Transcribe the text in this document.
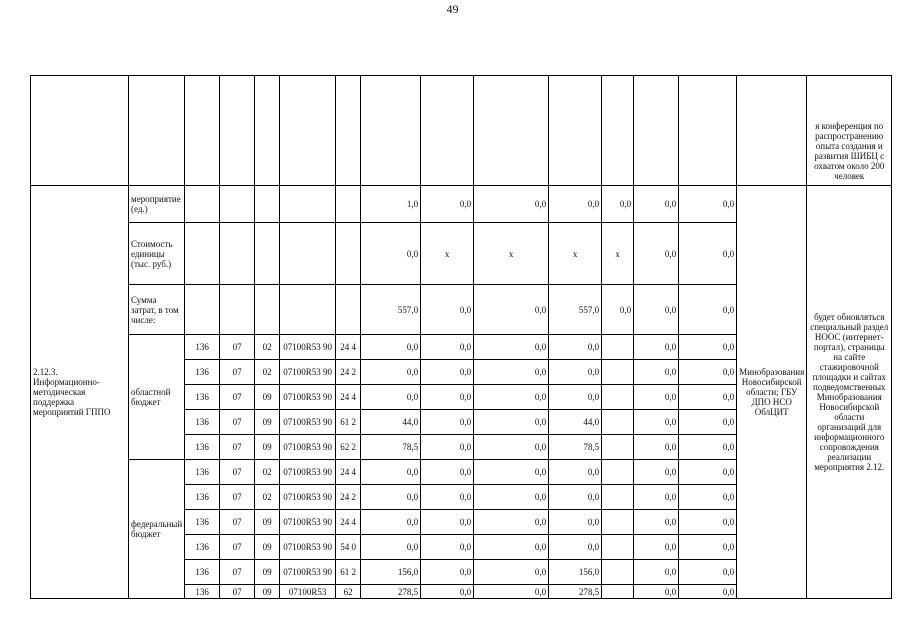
49
															я конференция по распространению опыта создания и развития ШИБЦ с охватом около 200 человек
2.12.3. Информационно-методическая поддержка мероприятий ГППО	мероприятие (ед.)						1,0	0,0	0,0	0,0	0,0	0,0	0,0	Минобразования Новосибирской области; ГБУ ДПО НСО ОблЦИТ	будет обновляться специальный раздел НООС (интернет-портал), страницы на сайте стажировочной площадки и сайтах подведомственных Минобразования Новосибирской области организаций для информационного сопровождения реализации мероприятия 2.12.
	Стоимость единицы (тыс. руб.)						0,0	x	x	x	x	0,0	0,0		
	Сумма затрат, в том числе:						557,0	0,0	0,0	557,0	0,0	0,0	0,0		
	областной бюджет	136	07	02	07100R53 90	24 4	0,0	0,0	0,0	0,0		0,0	0,0		
		136	07	02	07100R53 90	24 2	0,0	0,0	0,0	0,0		0,0	0,0		
		136	07	09	07100R53 90	24 4	0,0	0,0	0,0	0,0		0,0	0,0		
		136	07	09	07100R53 90	61 2	44,0	0,0	0,0	44,0		0,0	0,0		
		136	07	09	07100R53 90	62 2	78,5	0,0	0,0	78,5		0,0	0,0		
	федеральный бюджет	136	07	02	07100R53 90	24 4	0,0	0,0	0,0	0,0		0,0	0,0		
		136	07	02	07100R53 90	24 2	0,0	0,0	0,0	0,0		0,0	0,0		
		136	07	09	07100R53 90	24 4	0,0	0,0	0,0	0,0		0,0	0,0		
		136	07	09	07100R53 90	54 0	0,0	0,0	0,0	0,0		0,0	0,0		
		136	07	09	07100R53 90	61 2	156,0	0,0	0,0	156,0		0,0	0,0		
		136	07	09	07100R53	62	278,5	0,0	0,0	278,5		0,0	0,0		
